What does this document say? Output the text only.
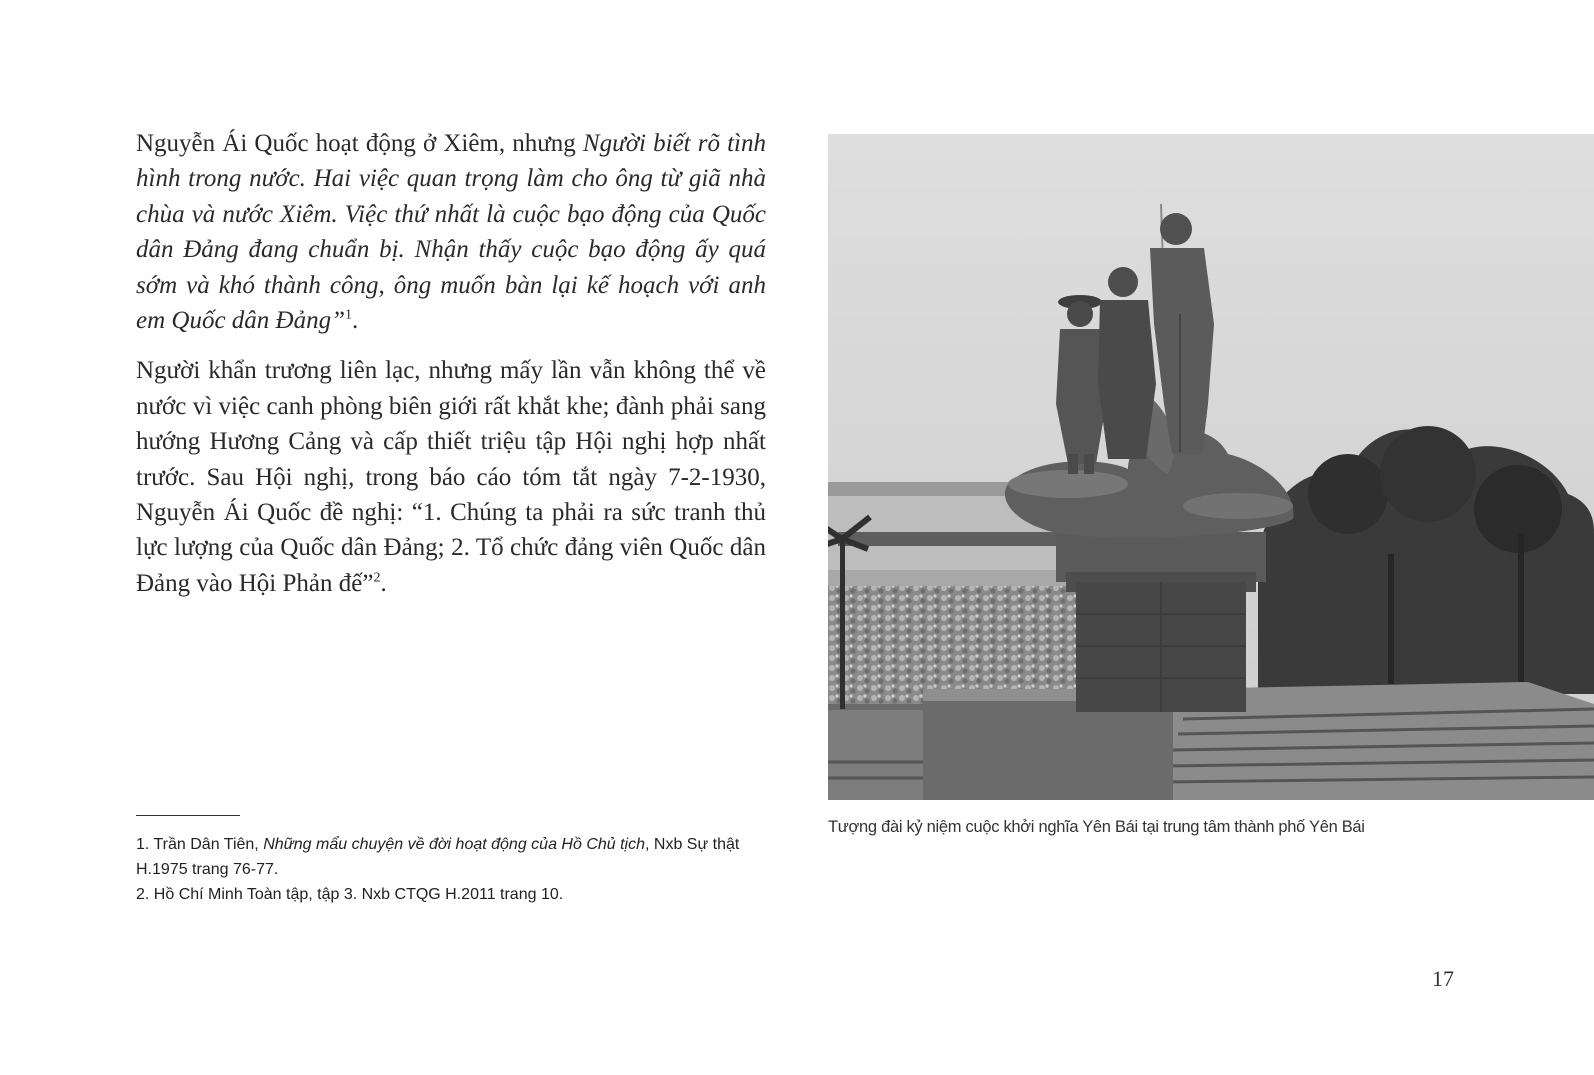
Nguyễn Ái Quốc hoạt động ở Xiêm, nhưng Người biết rõ tình hình trong nước. Hai việc quan trọng làm cho ông từ giã nhà chùa và nước Xiêm. Việc thứ nhất là cuộc bạo động của Quốc dân Đảng đang chuẩn bị. Nhận thấy cuộc bạo động ấy quá sớm và khó thành công, ông muốn bàn lại kế hoạch với anh em Quốc dân Đảng”$^1$.

Người khẩn trương liên lạc, nhưng mấy lần vẫn không thể về nước vì việc canh phòng biên giới rất khắt khe; đành phải sang hướng Hương Cảng và cấp thiết triệu tập Hội nghị hợp nhất trước. Sau Hội nghị, trong báo cáo tóm tắt ngày 7-2-1930, Nguyễn Ái Quốc đề nghị: “1. Chúng ta phải ra sức tranh thủ lực lượng của Quốc dân Đảng; 2. Tổ chức đảng viên Quốc dân Đảng vào Hội Phản đế”$^2$.

1. Trần Dân Tiên, Những mẩu chuyện về đời hoạt động của Hồ Chủ tịch, Nxb Sự thật H.1975 trang 76-77.

2. Hồ Chí Minh Toàn tập, tập 3. Nxb CTQG H.2011 trang 10.

Tượng đài kỷ niệm cuộc khởi nghĩa Yên Bái tại trung tâm thành phố Yên Bái
17
